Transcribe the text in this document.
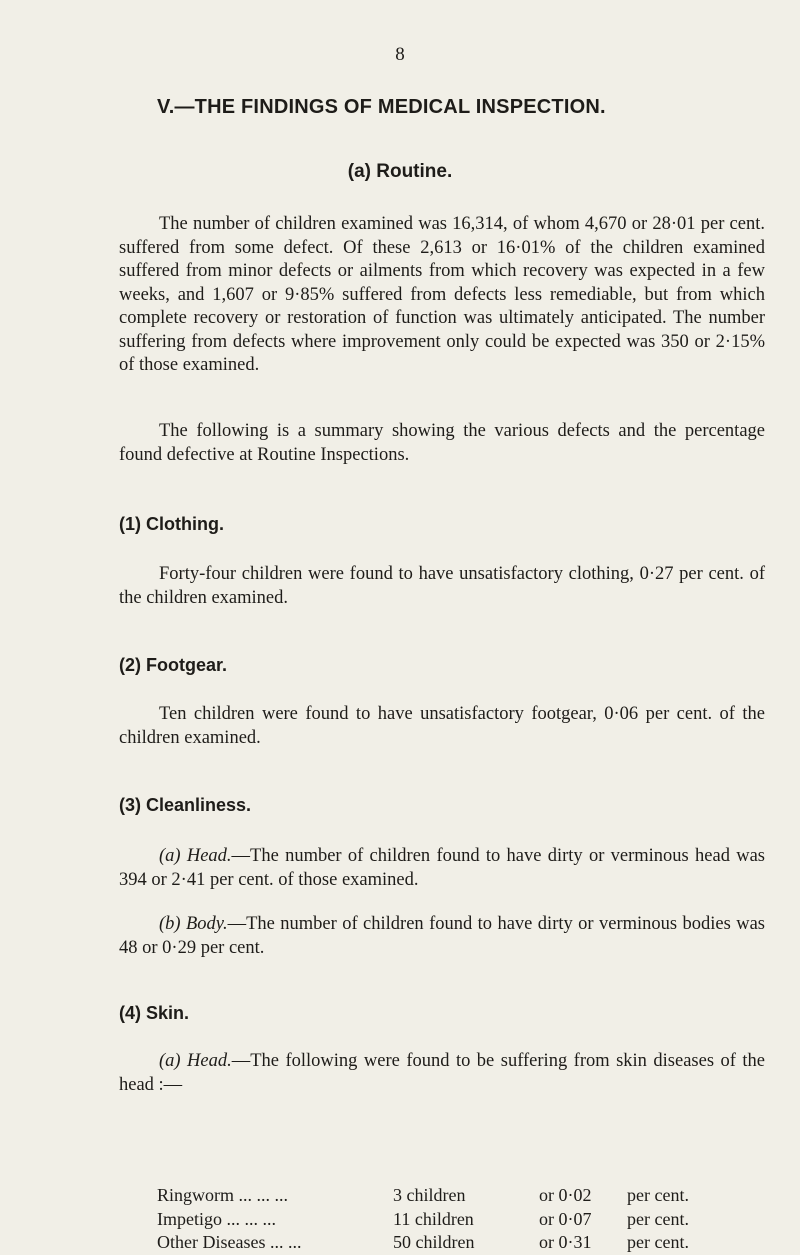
8
V.—THE FINDINGS OF MEDICAL INSPECTION.
(a) Routine.

The number of children examined was 16,314, of whom 4,670 or 28·01 per cent. suffered from some defect. Of these 2,613 or 16·01% of the children examined suffered from minor defects or ailments from which recovery was expected in a few weeks, and 1,607 or 9·85% suffered from defects less remediable, but from which complete recovery or restoration of function was ultimately anticipated. The number suffering from defects where improvement only could be expected was 350 or 2·15% of those examined.

The following is a summary showing the various defects and the percentage found defective at Routine Inspections.

(1) Clothing.

Forty-four children were found to have unsatisfactory clothing, 0·27 per cent. of the children examined.

(2) Footgear.

Ten children were found to have unsatisfactory footgear, 0·06 per cent. of the children examined.

(3) Cleanliness.

(a) Head.—The number of children found to have dirty or verminous head was 394 or 2·41 per cent. of those examined.

(b) Body.—The number of children found to have dirty or verminous bodies was 48 or 0·29 per cent.

(4) Skin.

(a) Head.—The following were found to be suffering from skin diseases of the head :—

Ringworm ... ... ...	3 children	or 0·02	per cent.
Impetigo ... ... ...	11 children	or 0·07	per cent.
Other Diseases ... ...	50 children	or 0·31	per cent.
